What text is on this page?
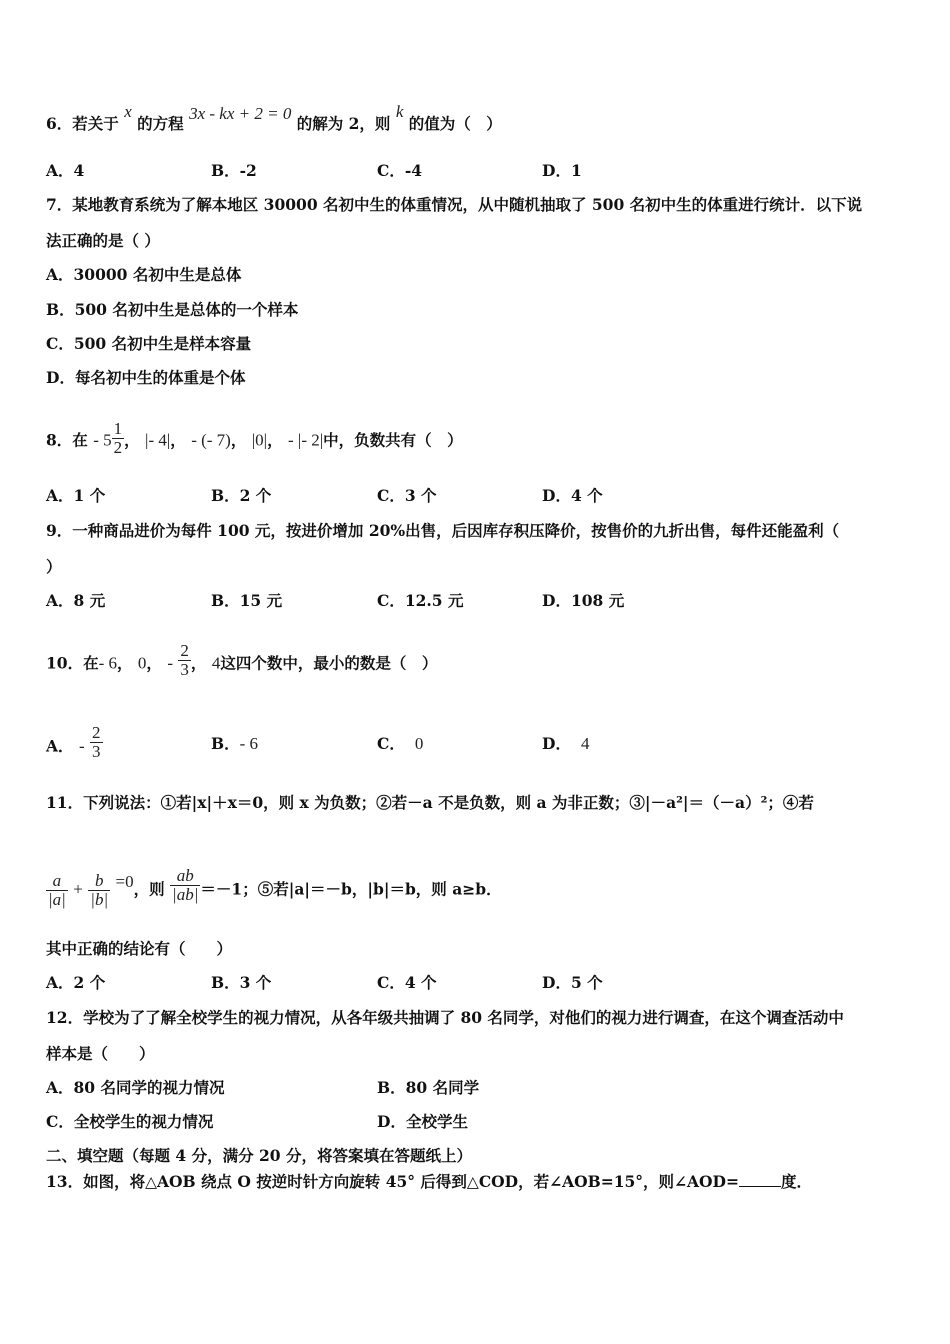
6．若关于 x 的方程 3x - kx + 2 = 0 的解为 2，则 k 的值为（　）
A．4	B．-2	C．-4	D．1
7．某地教育系统为了解本地区 30000 名初中生的体重情况，从中随机抽取了 500 名初中生的体重进行统计．以下说
法正确的是（ ）
A．30000 名初中生是总体
B．500 名初中生是总体的一个样本
C．500 名初中生是样本容量
D．每名初中生的体重是个体
8．在 - $5 \frac{1}{2}$ ， |- 4|， - (- 7)， |0|， - |- 2|中，负数共有（　）
A．1 个	B．2 个	C．3 个	D．4 个
9．一种商品进价为每件 100 元，按进价增加 20%出售，后因库存积压降价，按售价的九折出售，每件还能盈利（
）
A．8 元	B．15 元	C．12.5 元	D．108 元
10．在- 6， 0， - $\frac{2}{3}$ ， 4这四个数中，最小的数是（　）
A． - $\frac{2}{3}$	B．- 6	C． 0	D． 4
11．下列说法：①若|x|＋x＝0，则 x 为负数；②若－a 不是负数，则 a 为非正数；③|－a²|＝（－a）²；④若
$\frac{a}{|a|} + \frac{b}{|b|} =0$，则 $\frac{ab}{|ab|} =-1$；⑤若|a|＝－b，|b|＝b，则 a≥b．
其中正确的结论有（　　）
A．2 个	B．3 个	C．4 个	D．5 个
12．学校为了了解全校学生的视力情况，从各年级共抽调了 80 名同学，对他们的视力进行调查，在这个调查活动中
样本是（　　）
A．80 名同学的视力情况	B．80 名同学
C．全校学生的视力情况	D．全校学生
二、填空题（每题 4 分，满分 20 分，将答案填在答题纸上）
13．如图，将△AOB 绕点 O 按逆时针方向旋转 45° 后得到△COD，若∠AOB=15°，则∠AOD=	度．
